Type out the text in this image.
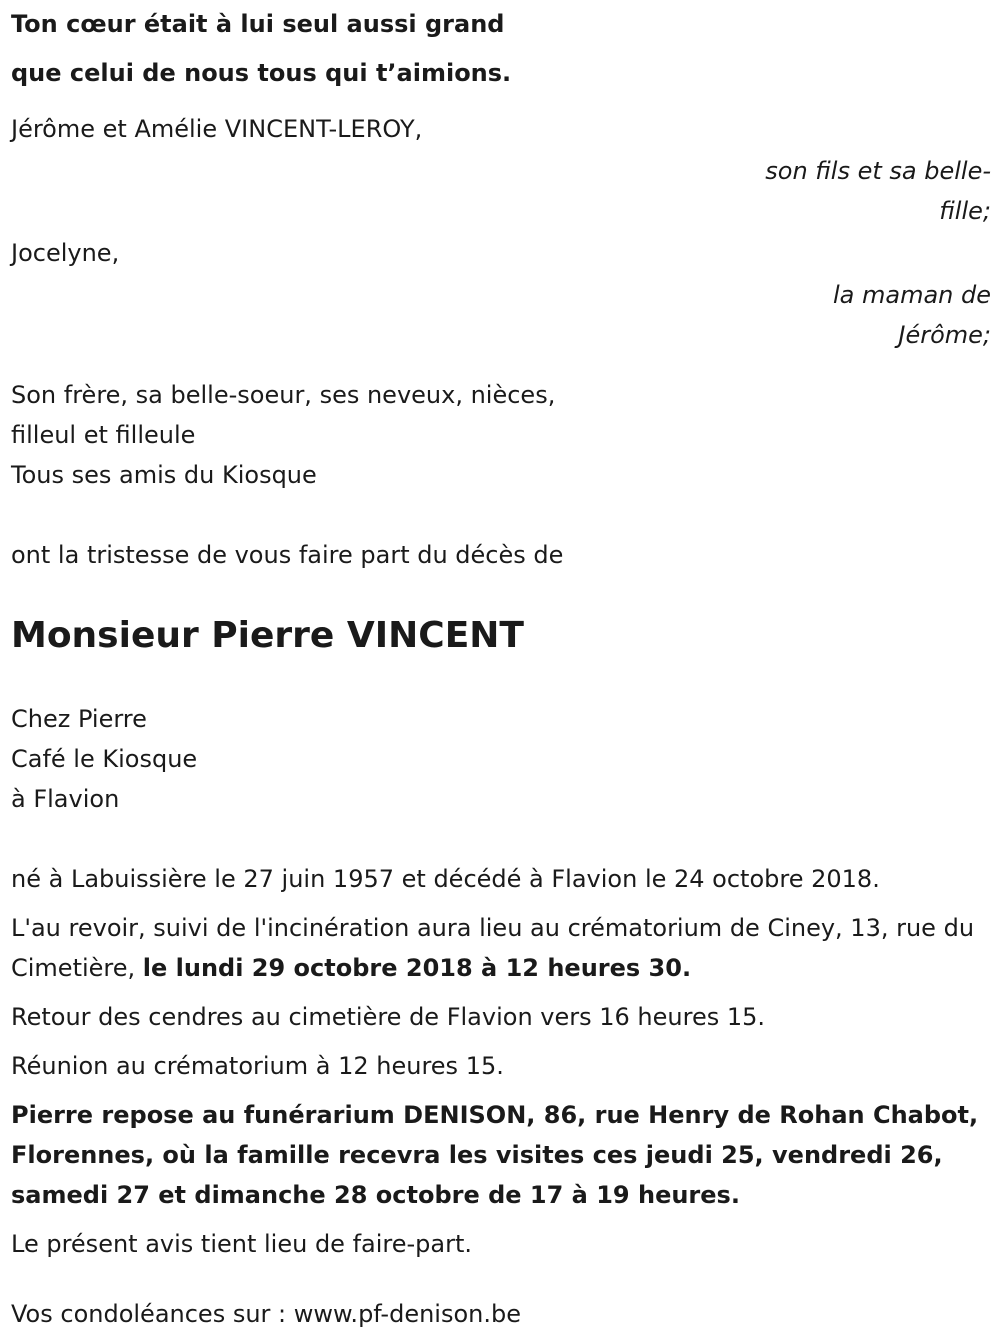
Ton cœur était à lui seul aussi grand
que celui de nous tous qui t’aimions.
Jérôme et Amélie VINCENT-LEROY,
son fils et sa belle-
fille;
Jocelyne,
la maman de
Jérôme;
Son frère, sa belle-soeur, ses neveux, nièces,
filleul et filleule
Tous ses amis du Kiosque
ont la tristesse de vous faire part du décès de
Monsieur Pierre VINCENT
Chez Pierre
Café le Kiosque
à Flavion

né à Labuissière le 27 juin 1957 et décédé à Flavion le 24 octobre 2018.

L'au revoir, suivi de l'incinération aura lieu au crématorium de Ciney, 13, rue du Cimetière, le lundi 29 octobre 2018 à 12 heures 30.

Retour des cendres au cimetière de Flavion vers 16 heures 15.

Réunion au crématorium à 12 heures 15.

Pierre repose au funérarium DENISON, 86, rue Henry de Rohan Chabot, Florennes, où la famille recevra les visites ces jeudi 25, vendredi 26, samedi 27 et dimanche 28 octobre de 17 à 19 heures.

Le présent avis tient lieu de faire-part.

Vos condoléances sur : www.pf-denison.be
